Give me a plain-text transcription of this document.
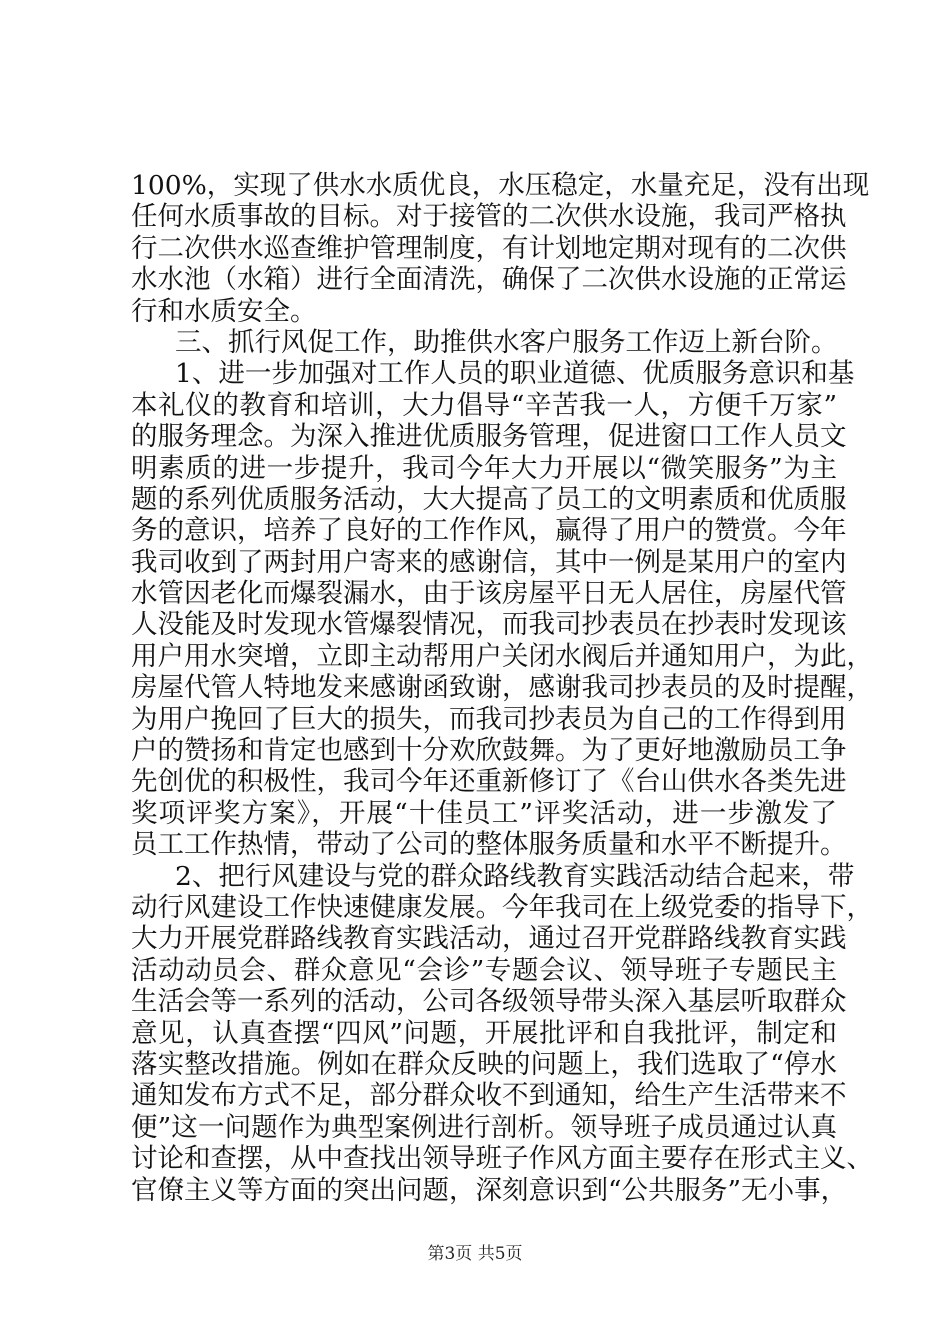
100%，实现了供水水质优良，水压稳定，水量充足，没有出现
任何水质事故的目标。对于接管的二次供水设施，我司严格执
行二次供水巡查维护管理制度，有计划地定期对现有的二次供
水水池（水箱）进行全面清洗，确保了二次供水设施的正常运
行和水质安全。
三、抓行风促工作，助推供水客户服务工作迈上新台阶。
1、进一步加强对工作人员的职业道德、优质服务意识和基
本礼仪的教育和培训，大力倡导“辛苦我一人，方便千万家”
的服务理念。为深入推进优质服务管理，促进窗口工作人员文
明素质的进一步提升，我司今年大力开展以“微笑服务”为主
题的系列优质服务活动，大大提高了员工的文明素质和优质服
务的意识，培养了良好的工作作风，赢得了用户的赞赏。今年
我司收到了两封用户寄来的感谢信，其中一例是某用户的室内
水管因老化而爆裂漏水，由于该房屋平日无人居住，房屋代管
人没能及时发现水管爆裂情况，而我司抄表员在抄表时发现该
用户用水突增，立即主动帮用户关闭水阀后并通知用户，为此，
房屋代管人特地发来感谢函致谢，感谢我司抄表员的及时提醒，
为用户挽回了巨大的损失，而我司抄表员为自己的工作得到用
户的赞扬和肯定也感到十分欢欣鼓舞。为了更好地激励员工争
先创优的积极性，我司今年还重新修订了《台山供水各类先进
奖项评奖方案》，开展“十佳员工”评奖活动，进一步激发了
员工工作热情，带动了公司的整体服务质量和水平不断提升。
2、把行风建设与党的群众路线教育实践活动结合起来，带
动行风建设工作快速健康发展。今年我司在上级党委的指导下，
大力开展党群路线教育实践活动，通过召开党群路线教育实践
活动动员会、群众意见“会诊”专题会议、领导班子专题民主
生活会等一系列的活动，公司各级领导带头深入基层听取群众
意见，认真查摆“四风”问题，开展批评和自我批评，制定和
落实整改措施。例如在群众反映的问题上，我们选取了“停水
通知发布方式不足，部分群众收不到通知，给生产生活带来不
便”这一问题作为典型案例进行剖析。领导班子成员通过认真
讨论和查摆，从中查找出领导班子作风方面主要存在形式主义、
官僚主义等方面的突出问题，深刻意识到“公共服务”无小事，
第3页 共5页
